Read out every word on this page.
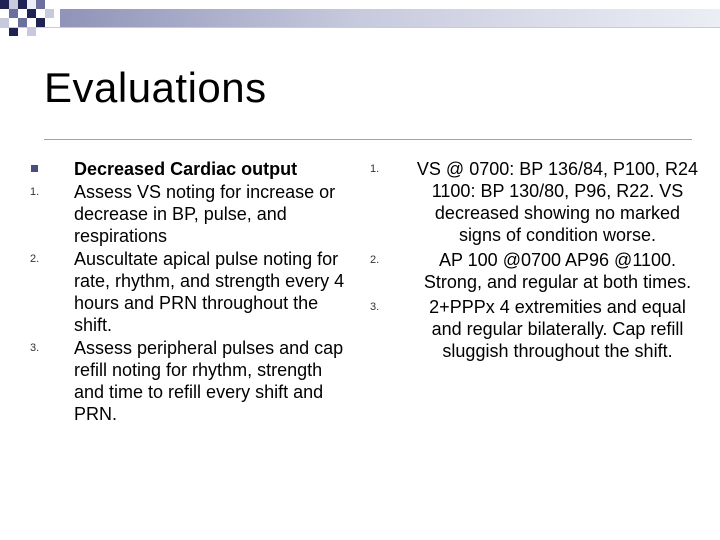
Evaluations
Decreased Cardiac output
1. Assess VS noting for increase or decrease in BP, pulse, and respirations
2. Auscultate apical pulse noting for rate, rhythm, and strength every 4 hours and PRN throughout the shift.
3. Assess peripheral pulses and cap refill noting for rhythm, strength and time to refill every shift and PRN.
1. VS @ 0700: BP 136/84, P100, R24 1100: BP 130/80, P96, R22. VS decreased showing no marked signs of condition worse.
2.	AP 100 @0700 AP96 @1100. Strong, and regular at both times.
3.	2+PPPx 4 extremities and equal and regular bilaterally. Cap refill sluggish throughout the shift.
